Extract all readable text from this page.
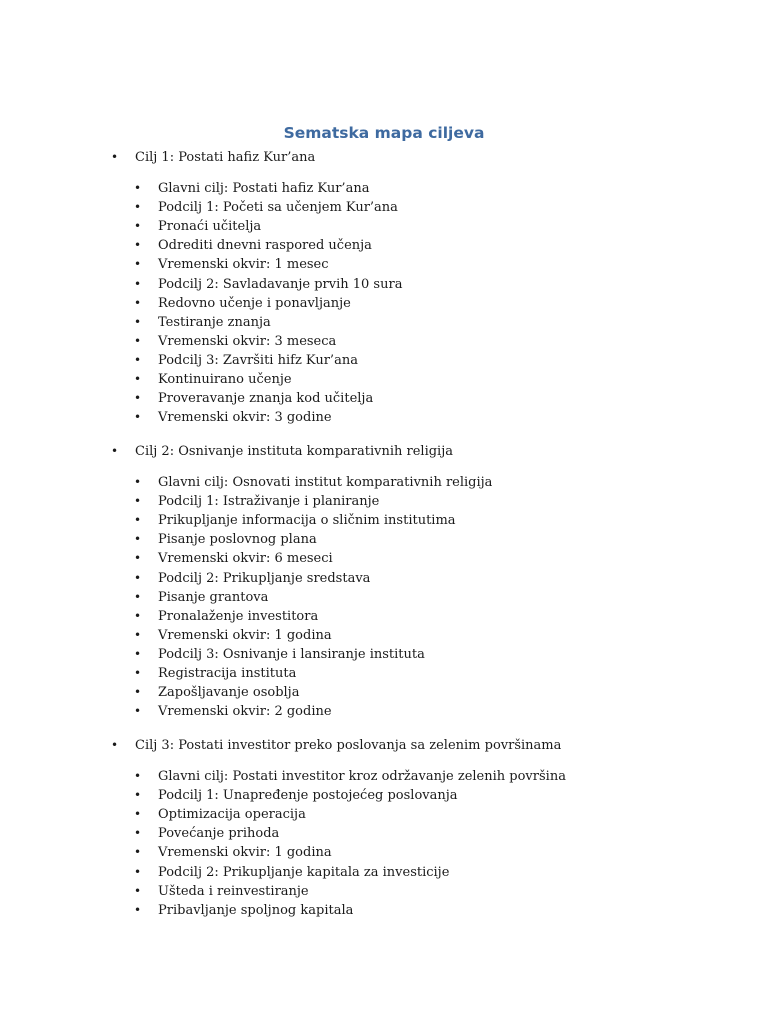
Sematska mapa ciljeva
• Cilj 1: Postati hafiz Kur’ana
• Glavni cilj: Postati hafiz Kur’ana
• Podcilj 1: Početi sa učenjem Kur’ana
• Pronaći učitelja
• Odrediti dnevni raspored učenja
• Vremenski okvir: 1 mesec
• Podcilj 2: Savladavanje prvih 10 sura
• Redovno učenje i ponavljanje
• Testiranje znanja
• Vremenski okvir: 3 meseca
• Podcilj 3: Završiti hifz Kur’ana
• Kontinuirano učenje
• Proveravanje znanja kod učitelja
• Vremenski okvir: 3 godine
• Cilj 2: Osnivanje instituta komparativnih religija
• Glavni cilj: Osnovati institut komparativnih religija
• Podcilj 1: Istraživanje i planiranje
• Prikupljanje informacija o sličnim institutima
• Pisanje poslovnog plana
• Vremenski okvir: 6 meseci
• Podcilj 2: Prikupljanje sredstava
• Pisanje grantova
• Pronalaženje investitora
• Vremenski okvir: 1 godina
• Podcilj 3: Osnivanje i lansiranje instituta
• Registracija instituta
• Zapošljavanje osoblja
• Vremenski okvir: 2 godine
• Cilj 3: Postati investitor preko poslovanja sa zelenim površinama
• Glavni cilj: Postati investitor kroz održavanje zelenih površina
• Podcilj 1: Unapređenje postojećeg poslovanja
• Optimizacija operacija
• Povećanje prihoda
• Vremenski okvir: 1 godina
• Podcilj 2: Prikupljanje kapitala za investicije
• Ušteda i reinvestiranje
• Pribavljanje spoljnog kapitala
